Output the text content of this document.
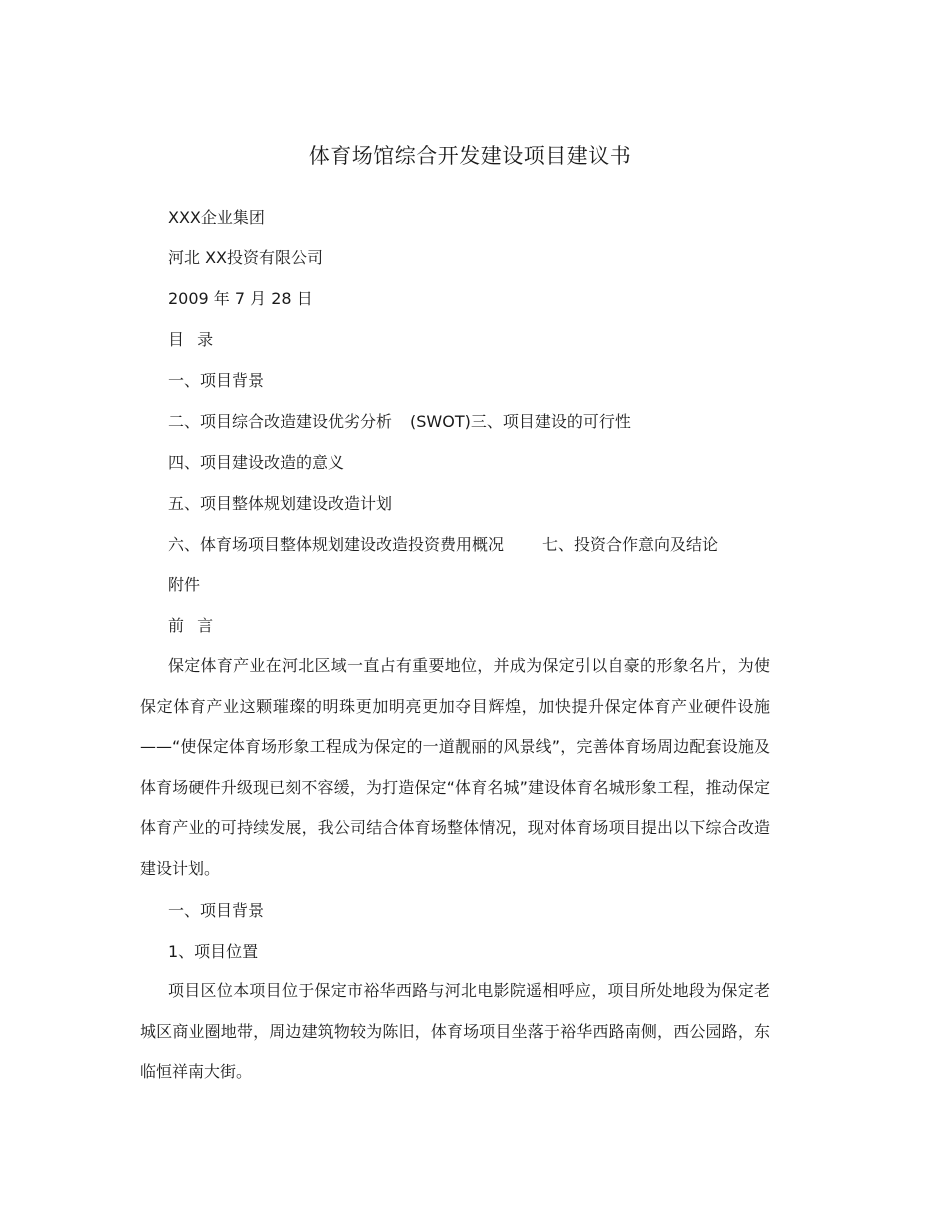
体育场馆综合开发建设项目建议书
XXX企业集团
河北 XX投资有限公司
2009 年 7 月 28 日
目 录
一、项目背景
二、项目综合改造建设优劣分析 (SWOT)三、项目建设的可行性
四、项目建设改造的意义
五、项目整体规划建设改造计划
六、体育场项目整体规划建设改造投资费用概况 七、投资合作意向及结论
附件
前 言

保定体育产业在河北区域一直占有重要地位，并成为保定引以自豪的形象名片，为使保定体育产业这颗璀璨的明珠更加明亮更加夺目辉煌，加快提升保定体育产业硬件设施——“使保定体育场形象工程成为保定的一道靓丽的风景线”，完善体育场周边配套设施及体育场硬件升级现已刻不容缓，为打造保定“体育名城”建设体育名城形象工程，推动保定体育产业的可持续发展，我公司结合体育场整体情况，现对体育场项目提出以下综合改造建设计划。

一、项目背景
1、项目位置

项目区位本项目位于保定市裕华西路与河北电影院遥相呼应，项目所处地段为保定老城区商业圈地带，周边建筑物较为陈旧，体育场项目坐落于裕华西路南侧，西公园路，东临恒祥南大街。
